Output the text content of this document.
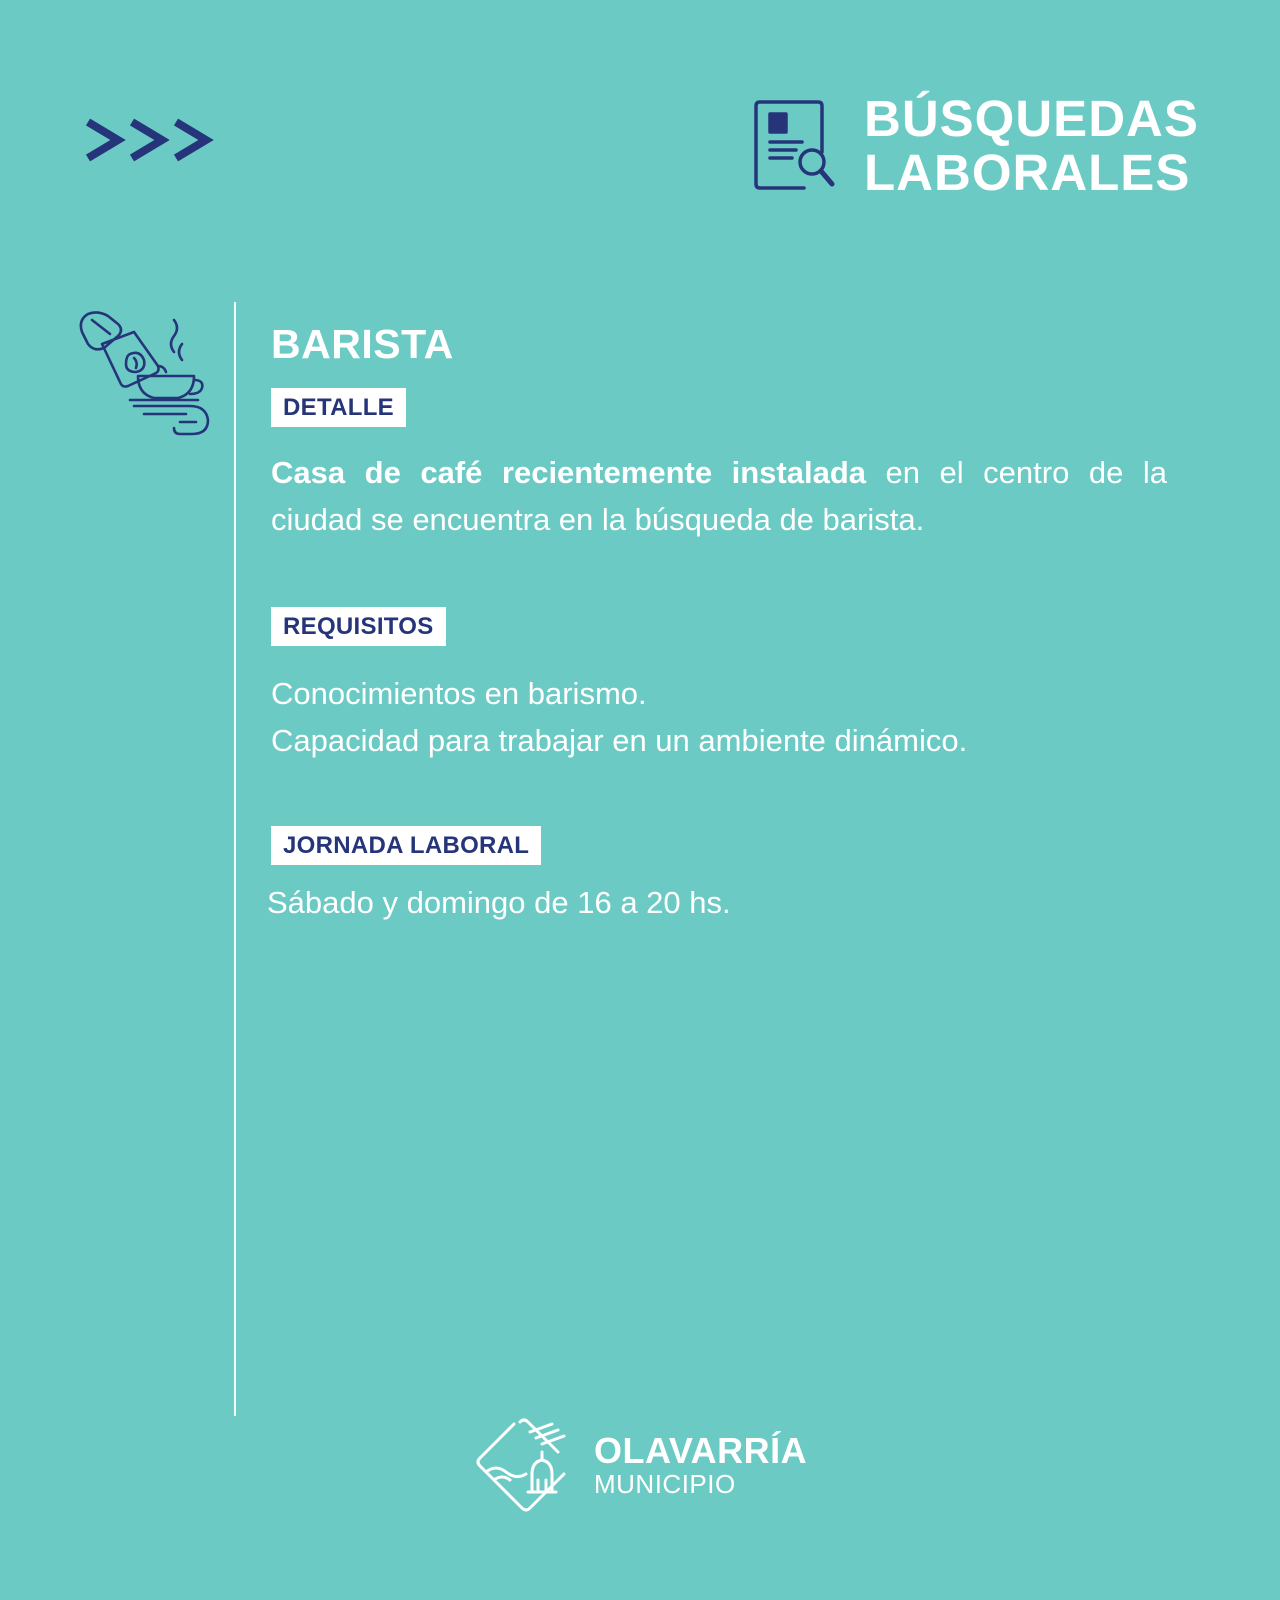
BÚSQUEDAS
LABORALES
BARISTA
DETALLE

Casa de café recientemente instalada en el centro de la ciudad se encuentra en la búsqueda de barista.

REQUISITOS

Conocimientos en barismo.

Capacidad para trabajar en un ambiente dinámico.

JORNADA LABORAL

Sábado y domingo de 16 a 20 hs.

OLAVARRÍA
MUNICIPIO
